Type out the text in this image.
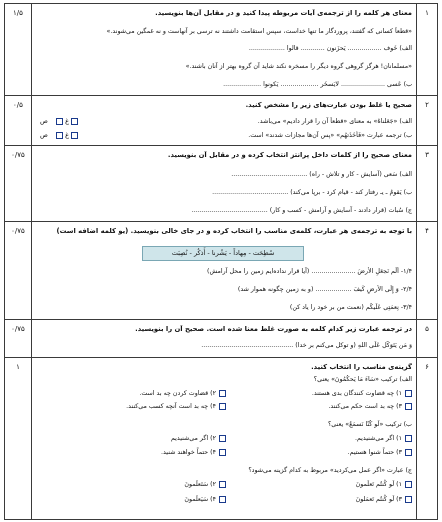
۱/۵	۱
معنای هر کلمه را از ترجمه‌ی آیات مربوطه پیدا کنید و در مقابل آن‌ها بنویسید.
«قطعاً کسانی که گفتند، پروردگار ما تنها خداست، سپس استقامت داشتند نه ترسی بر آنهاست و نه غمگین می‌شوند.»
الف) خَوف ................. یَحزَنون ............ قالوا ..................
«مسلمانان! هرگز گروهی گروه دیگر را مسخره نکند شاید آن گروه بهتر از آنان باشند.»
ب) عَسی ...................... لایَسخَر ................... یَکونوا ...................
۰/۵	۲
صحیح یا غلط بودن عبارت‌های زیر را مشخص کنید.
الف) «جَعَلناهُ» به معنای «قطعاً آن را قرار دادیم» می‌باشد.
غ   ص
ب) ترجمه عبارت «فَأَخَذَتهُم» «پس آن‌ها مجازات شدند» است.
غ   ص
۰/۷۵	۳
معنای صحیح را از کلمات داخل پرانتز انتخاب کرده و در مقابل آن بنویسید.
الف) سَعی (آسایش - کار و تلاش - راه) ......................................
ب) یَقومُ ـ یـ رفتار کند - قیام کرد - برپا می‌کند) ......................................
ج) سُبات (قرار دادند - آسایش و آرامش - کسب و کار) ......................................
۰/۷۵	۴
با توجه به ترجمه‌ی هر عبارت، کلمه‌ی مناسب را انتخاب کرده و در جای خالی بنویسید. (یو کلمه اضافه است)
سُطِحَت - مِهاداً - یَشُرنا - أَذکُر - نُصِبَت
۱/۴- أَلَم نَجعَلِ الأَرضَ ...................... (آیا قرار نداده‌ایم زمین را محل آرامش)
۲/۴- وَ إِلَی الأَرضِ کَیفَ .................. (و به زمین چگونه هموار شد)
۳/۴- نِعمَتِی عَلَیکُم (نعمت من بر خود را یاد کن)
۰/۷۵	۵
در ترجمه عبارت زیر کدام کلمه به صورت غلط معنا شده است. صحیح آن را بنویسید.
وَ مَن یَتَوَکَّل عَلَی اللهِ (و توکل می‌کنم بر خدا) ..............................................
۱	۶
گزینه‌ی مناسب را انتخاب کنید.
الف) ترکیب «سَاءَ مَا یَحکُمُونَ» یعنی؟
۱) چه قضاوت کنندگان بدی هستند.
۲) قضاوت کردن چه بد است.
۳) چه بد است حکم می‌کنند.
۴) چه بد است آنچه کسب می‌کنند.
ب) ترکیب «لَو کُنّا نَسمَعُ» یعنی؟
۱) اگر می‌شنیدیم.
۲) اگر می‌شنیدیم
۳) حتماً شنوا هستیم.
۴) حتماً خواهند شنید.
ج) عبارت «اگر عمل می‌کردید» مربوط به کدام گزینه می‌شود؟
۱) لَو کُنتُم تَعلَمونَ
۲) سَتَعلَمونَ
۳) لَو کُنتُم تَعمَلونَ
۴) سَیَعلَمونَ
